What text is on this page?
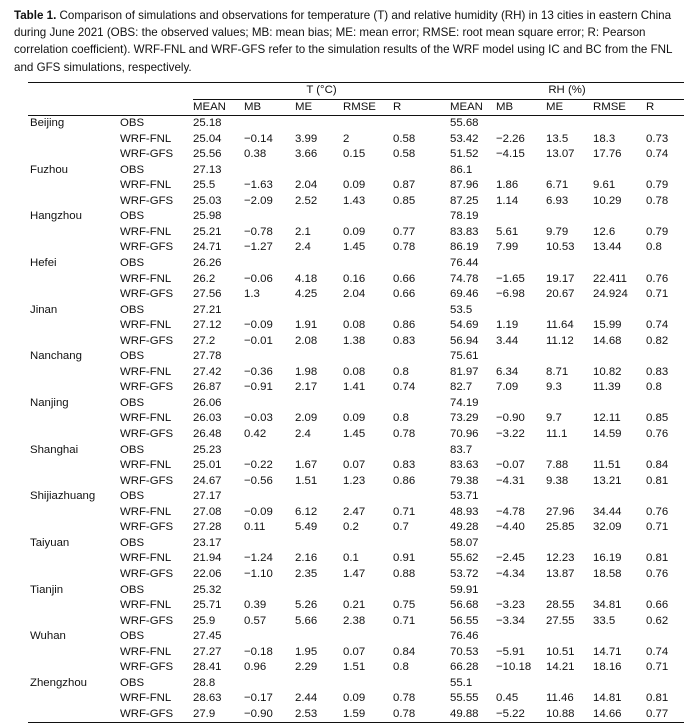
Table 1. Comparison of simulations and observations for temperature (T) and relative humidity (RH) in 13 cities in eastern China during June 2021 (OBS: the observed values; MB: mean bias; ME: mean error; RMSE: root mean square error; R: Pearson correlation coefficient). WRF-FNL and WRF-GFS refer to the simulation results of the WRF model using IC and BC from the FNL and GFS simulations, respectively.
		T (°C)					RH (%)				
		MEAN	MB	ME	RMSE	R	MEAN	MB	ME	RMSE	R
Beijing	OBS	25.18					55.68				
	WRF-FNL	25.04	−0.14	3.99	2	0.58	53.42	−2.26	13.5	18.3	0.73
	WRF-GFS	25.56	0.38	3.66	0.15	0.58	51.52	−4.15	13.07	17.76	0.74
Fuzhou	OBS	27.13					86.1				
	WRF-FNL	25.5	−1.63	2.04	0.09	0.87	87.96	1.86	6.71	9.61	0.79
	WRF-GFS	25.03	−2.09	2.52	1.43	0.85	87.25	1.14	6.93	10.29	0.78
Hangzhou	OBS	25.98					78.19				
	WRF-FNL	25.21	−0.78	2.1	0.09	0.77	83.83	5.61	9.79	12.6	0.79
	WRF-GFS	24.71	−1.27	2.4	1.45	0.78	86.19	7.99	10.53	13.44	0.8
Hefei	OBS	26.26					76.44				
	WRF-FNL	26.2	−0.06	4.18	0.16	0.66	74.78	−1.65	19.17	22.411	0.76
	WRF-GFS	27.56	1.3	4.25	2.04	0.66	69.46	−6.98	20.67	24.924	0.71
Jinan	OBS	27.21					53.5				
	WRF-FNL	27.12	−0.09	1.91	0.08	0.86	54.69	1.19	11.64	15.99	0.74
	WRF-GFS	27.2	−0.01	2.08	1.38	0.83	56.94	3.44	11.12	14.68	0.82
Nanchang	OBS	27.78					75.61				
	WRF-FNL	27.42	−0.36	1.98	0.08	0.8	81.97	6.34	8.71	10.82	0.83
	WRF-GFS	26.87	−0.91	2.17	1.41	0.74	82.7	7.09	9.3	11.39	0.8
Nanjing	OBS	26.06					74.19				
	WRF-FNL	26.03	−0.03	2.09	0.09	0.8	73.29	−0.90	9.7	12.11	0.85
	WRF-GFS	26.48	0.42	2.4	1.45	0.78	70.96	−3.22	11.1	14.59	0.76
Shanghai	OBS	25.23					83.7				
	WRF-FNL	25.01	−0.22	1.67	0.07	0.83	83.63	−0.07	7.88	11.51	0.84
	WRF-GFS	24.67	−0.56	1.51	1.23	0.86	79.38	−4.31	9.38	13.21	0.81
Shijiazhuang	OBS	27.17					53.71				
	WRF-FNL	27.08	−0.09	6.12	2.47	0.71	48.93	−4.78	27.96	34.44	0.76
	WRF-GFS	27.28	0.11	5.49	0.2	0.7	49.28	−4.40	25.85	32.09	0.71
Taiyuan	OBS	23.17					58.07				
	WRF-FNL	21.94	−1.24	2.16	0.1	0.91	55.62	−2.45	12.23	16.19	0.81
	WRF-GFS	22.06	−1.10	2.35	1.47	0.88	53.72	−4.34	13.87	18.58	0.76
Tianjin	OBS	25.32					59.91				
	WRF-FNL	25.71	0.39	5.26	0.21	0.75	56.68	−3.23	28.55	34.81	0.66
	WRF-GFS	25.9	0.57	5.66	2.38	0.71	56.55	−3.34	27.55	33.5	0.62
Wuhan	OBS	27.45					76.46				
	WRF-FNL	27.27	−0.18	1.95	0.07	0.84	70.53	−5.91	10.51	14.71	0.74
	WRF-GFS	28.41	0.96	2.29	1.51	0.8	66.28	−10.18	14.21	18.16	0.71
Zhengzhou	OBS	28.8					55.1				
	WRF-FNL	28.63	−0.17	2.44	0.09	0.78	55.55	0.45	11.46	14.81	0.81
	WRF-GFS	27.9	−0.90	2.53	1.59	0.78	49.88	−5.22	10.88	14.66	0.77
